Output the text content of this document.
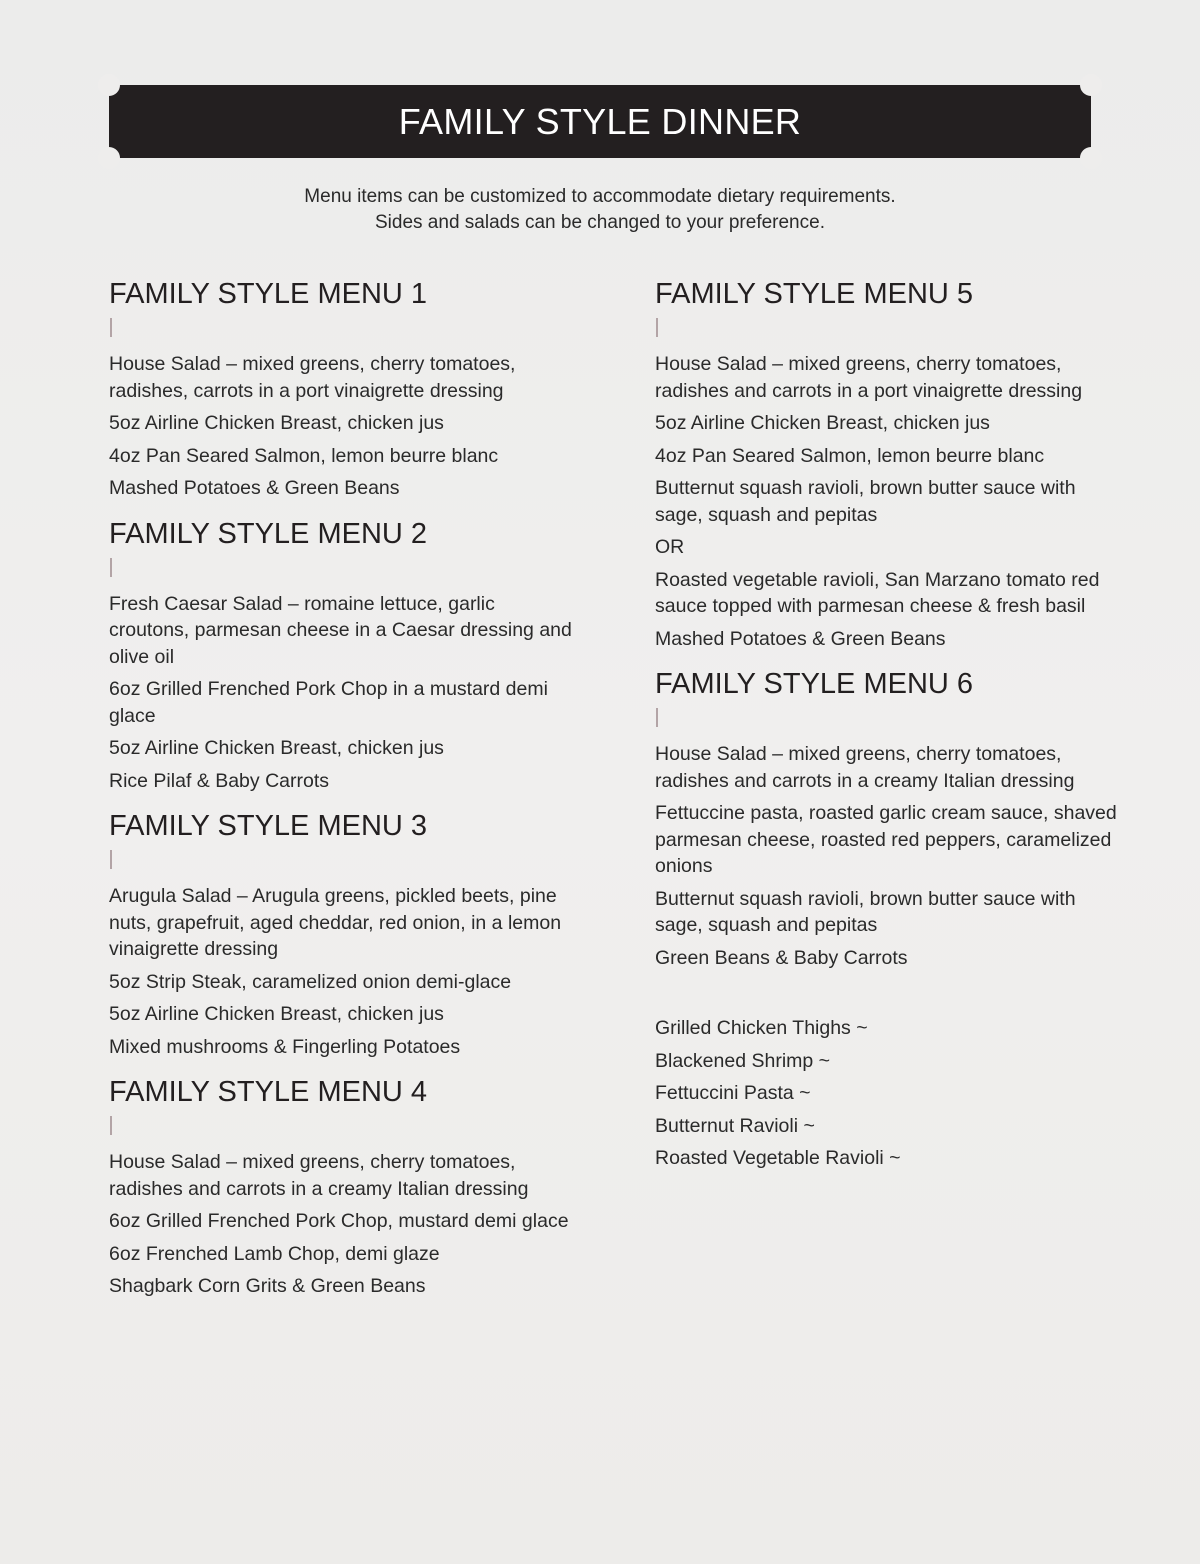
FAMILY STYLE DINNER
Menu items can be customized to accommodate dietary requirements.
Sides and salads can be changed to your preference.
FAMILY STYLE MENU 1
House Salad – mixed greens, cherry tomatoes, radishes, carrots in a port vinaigrette dressing
5oz Airline Chicken Breast, chicken jus
4oz Pan Seared Salmon, lemon beurre blanc
Mashed Potatoes & Green Beans
FAMILY STYLE MENU 2
Fresh Caesar Salad – romaine lettuce, garlic croutons, parmesan cheese in a Caesar dressing and olive oil
6oz Grilled Frenched Pork Chop in a mustard demi glace
5oz Airline Chicken Breast, chicken jus
Rice Pilaf & Baby Carrots
FAMILY STYLE MENU 3
Arugula Salad – Arugula greens, pickled beets, pine nuts, grapefruit, aged cheddar, red onion, in a lemon vinaigrette dressing
5oz Strip Steak, caramelized onion demi-glace
5oz Airline Chicken Breast, chicken jus
Mixed mushrooms & Fingerling Potatoes
FAMILY STYLE MENU 4
House Salad – mixed greens, cherry tomatoes, radishes and carrots in a creamy Italian dressing
6oz Grilled Frenched Pork Chop, mustard demi glace
6oz Frenched Lamb Chop, demi glaze
Shagbark Corn Grits & Green Beans
FAMILY STYLE MENU 5
House Salad – mixed greens, cherry tomatoes, radishes and carrots in a port vinaigrette dressing
5oz Airline Chicken Breast, chicken jus
4oz Pan Seared Salmon, lemon beurre blanc
Butternut squash ravioli, brown butter sauce with sage, squash and pepitas
OR
Roasted vegetable ravioli, San Marzano tomato red sauce topped with parmesan cheese & fresh basil
Mashed Potatoes & Green Beans
FAMILY STYLE MENU 6
House Salad – mixed greens, cherry tomatoes, radishes and carrots in a creamy Italian dressing
Fettuccine pasta, roasted garlic cream sauce, shaved parmesan cheese, roasted red peppers, caramelized onions
Butternut squash ravioli, brown butter sauce with sage, squash and pepitas
Green Beans & Baby Carrots
Grilled Chicken Thighs ~
Blackened Shrimp ~
Fettuccini Pasta ~
Butternut Ravioli ~
Roasted Vegetable Ravioli ~
